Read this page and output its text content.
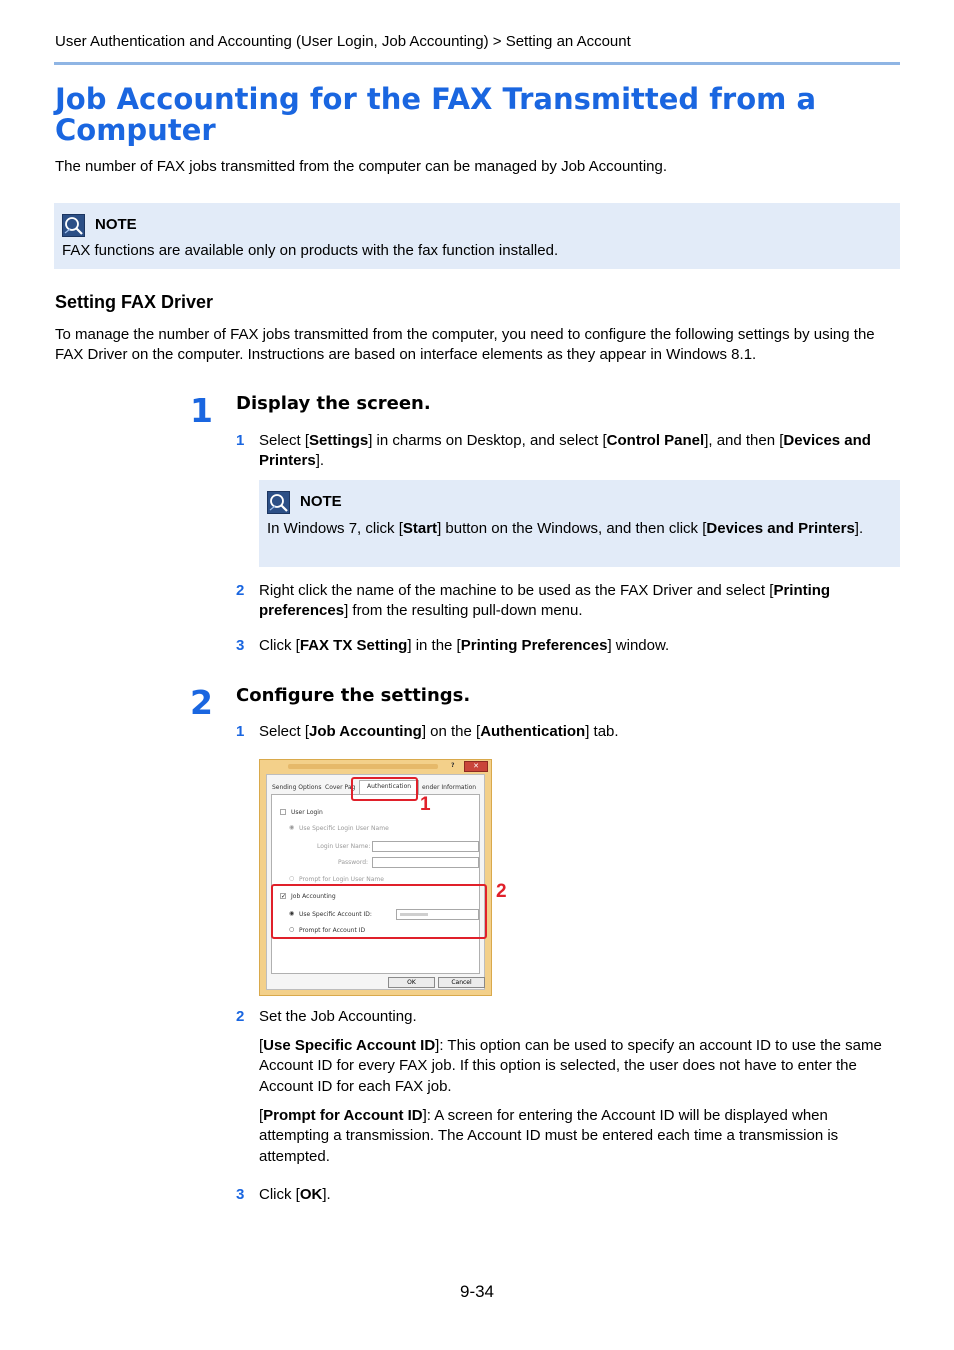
User Authentication and Accounting (User Login, Job Accounting) > Setting an Account
Job Accounting for the FAX Transmitted from a Computer
The number of FAX jobs transmitted from the computer can be managed by Job Accounting.
NOTE
FAX functions are available only on products with the fax function installed.
Setting FAX Driver
To manage the number of FAX jobs transmitted from the computer, you need to configure the following settings by using the FAX Driver on the computer. Instructions are based on interface elements as they appear in Windows 8.1.
1 Display the screen.
1 Select [Settings] in charms on Desktop, and select [Control Panel], and then [Devices and Printers].
NOTE
In Windows 7, click [Start] button on the Windows, and then click [Devices and Printers].
2 Right click the name of the machine to be used as the FAX Driver and select [Printing preferences] from the resulting pull-down menu.
3 Click [FAX TX Setting] in the [Printing Preferences] window.
2 Configure the settings.
1 Select [Job Accounting] on the [Authentication] tab.
?	✕
Sending Options Cover Pag Authentication ender Information
User Login
◉ Use Specific Login User Name
Login User Name:
Password:
○ Prompt for Login User Name
✓ Job Accounting
◉ Use Specific Account ID:
○ Prompt for Account ID
OK	Cancel
1
2
2 Set the Job Accounting.
[Use Specific Account ID]: This option can be used to specify an account ID to use the same Account ID for every FAX job. If this option is selected, the user does not have to enter the Account ID for each FAX job.
[Prompt for Account ID]: A screen for entering the Account ID will be displayed when attempting a transmission. The Account ID must be entered each time a transmission is attempted.
3 Click [OK].
9-34
